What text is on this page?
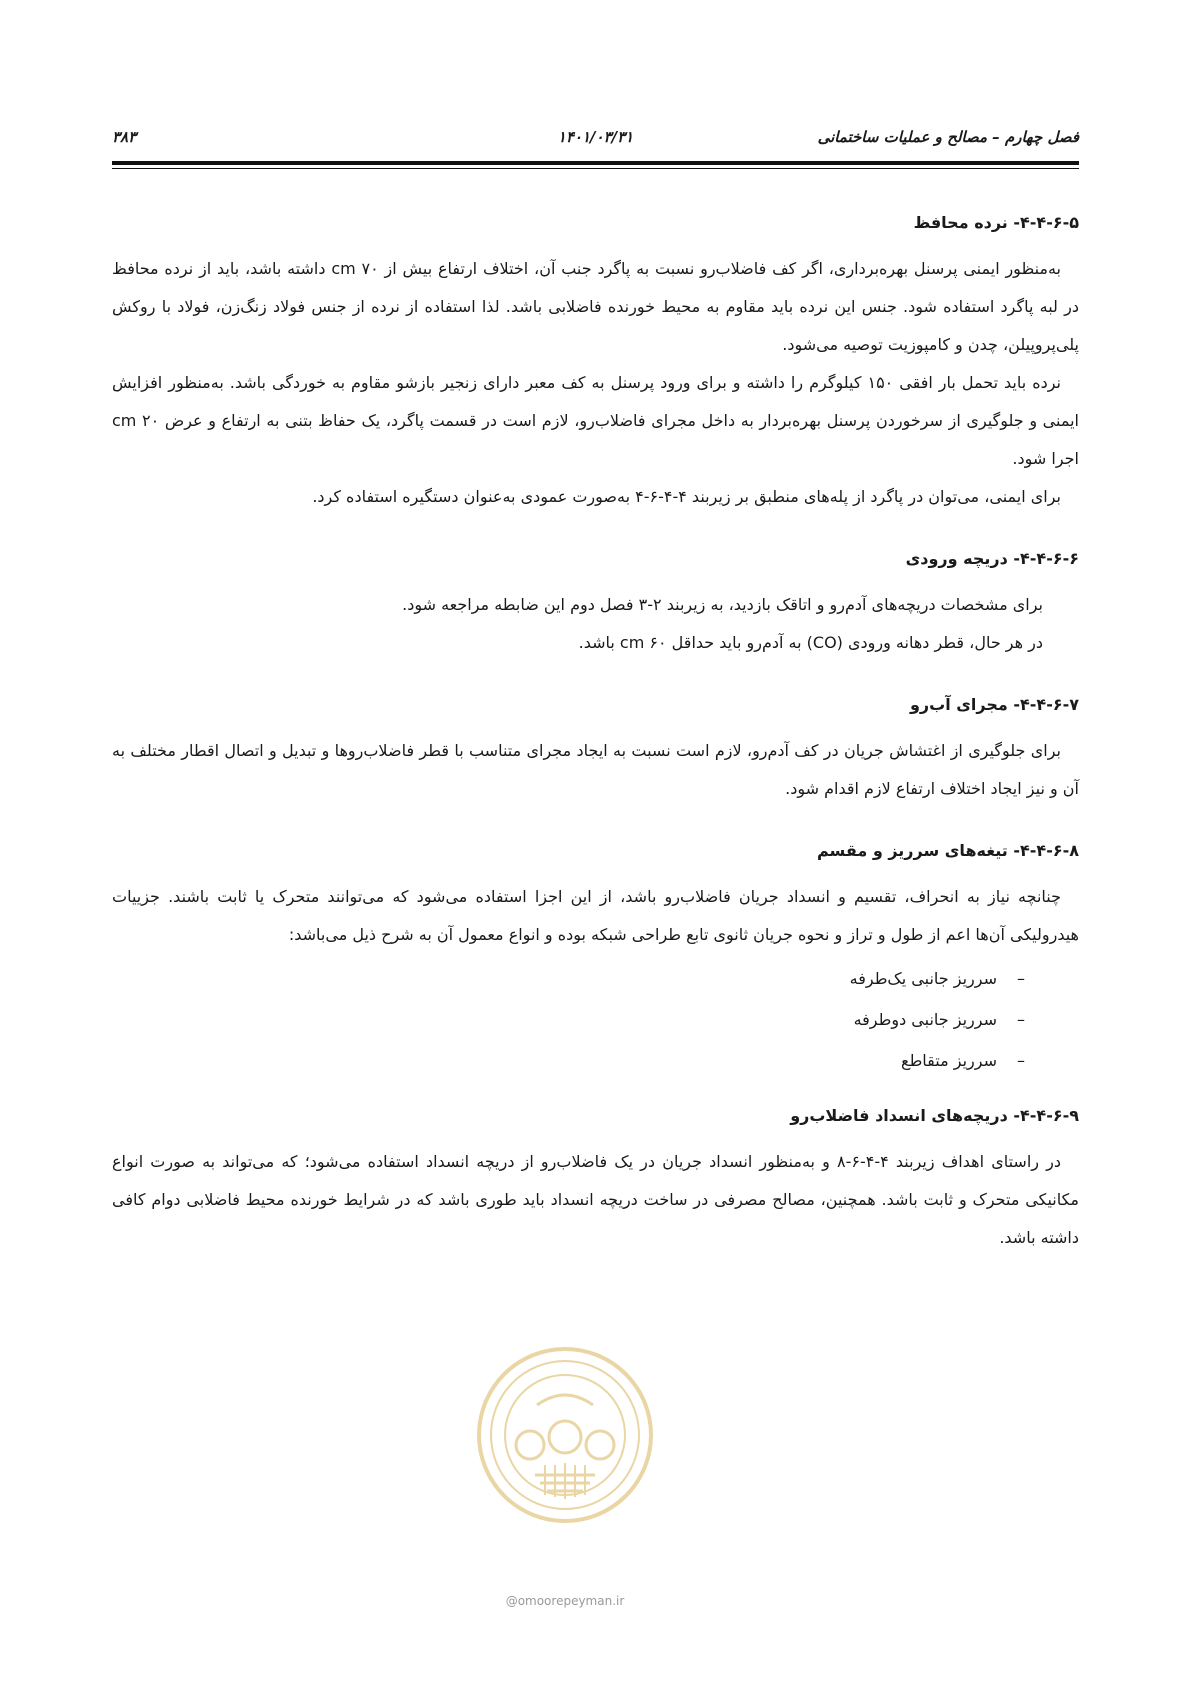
فصل چهارم – مصالح و عملیات ساختمانی
۱۴۰۱/۰۳/۳۱
۳۸۳

۴-۴-۶-۵- نرده محافظ

به‌منظور ایمنی پرسنل بهره‌برداری، اگر کف فاضلاب‌رو نسبت به پاگرد جنب آن، اختلاف ارتفاع بیش از ۷۰ cm داشته باشد، باید از نرده محافظ در لبه پاگرد استفاده شود. جنس این نرده باید مقاوم به محیط خورنده فاضلابی باشد. لذا استفاده از نرده از جنس فولاد زنگ‌زن، فولاد با روکش پلی‌پروپیلن، چدن و کامپوزیت توصیه می‌شود.

نرده باید تحمل بار افقی ۱۵۰ کیلوگرم را داشته و برای ورود پرسنل به کف معبر دارای زنجیر بازشو مقاوم به خوردگی باشد. به‌منظور افزایش ایمنی و جلوگیری از سرخوردن پرسنل بهره‌بردار به داخل مجرای فاضلاب‌رو، لازم است در قسمت پاگرد، یک حفاظ بتنی به ارتفاع و عرض ۲۰ cm اجرا شود.

برای ایمنی، می‌توان در پاگرد از پله‌های منطبق بر زیربند ۴-۴-۶-۴ به‌صورت عمودی به‌عنوان دستگیره استفاده کرد.

۴-۴-۶-۶- دریچه ورودی

برای مشخصات دریچه‌های آدم‌رو و اتاقک بازدید، به زیربند ۲-۳ فصل دوم این ضابطه مراجعه شود.

در هر حال، قطر دهانه ورودی (CO) به آدم‌رو باید حداقل ۶۰ cm باشد.

۴-۴-۶-۷- مجرای آب‌رو

برای جلوگیری از اغتشاش جریان در کف آدم‌رو، لازم است نسبت به ایجاد مجرای متناسب با قطر فاضلاب‌روها و تبدیل و اتصال اقطار مختلف به آن و نیز ایجاد اختلاف ارتفاع لازم اقدام شود.

۴-۴-۶-۸- تیغه‌های سرریز و مقسم

چنانچه نیاز به انحراف، تقسیم و انسداد جریان فاضلاب‌رو باشد، از این اجزا استفاده می‌شود که می‌توانند متحرک یا ثابت باشند. جزییات هیدرولیکی آن‌ها اعم از طول و تراز و نحوه جریان ثانوی تابع طراحی شبکه بوده و انواع معمول آن به شرح ذیل می‌باشد:

–سرریز جانبی یک‌طرفه
–سرریز جانبی دوطرفه
–سرریز متقاطع

۴-۴-۶-۹- دریچه‌های انسداد فاضلاب‌رو

در راستای اهداف زیربند ۴-۴-۶-۸ و به‌منظور انسداد جریان در یک فاضلاب‌رو از دریچه انسداد استفاده می‌شود؛ که می‌تواند به صورت انواع مکانیکی متحرک و ثابت باشد. همچنین، مصالح مصرفی در ساخت دریچه انسداد باید طوری باشد که در شرایط خورنده محیط فاضلابی دوام کافی داشته باشد.

@omoorepeyman.ir
